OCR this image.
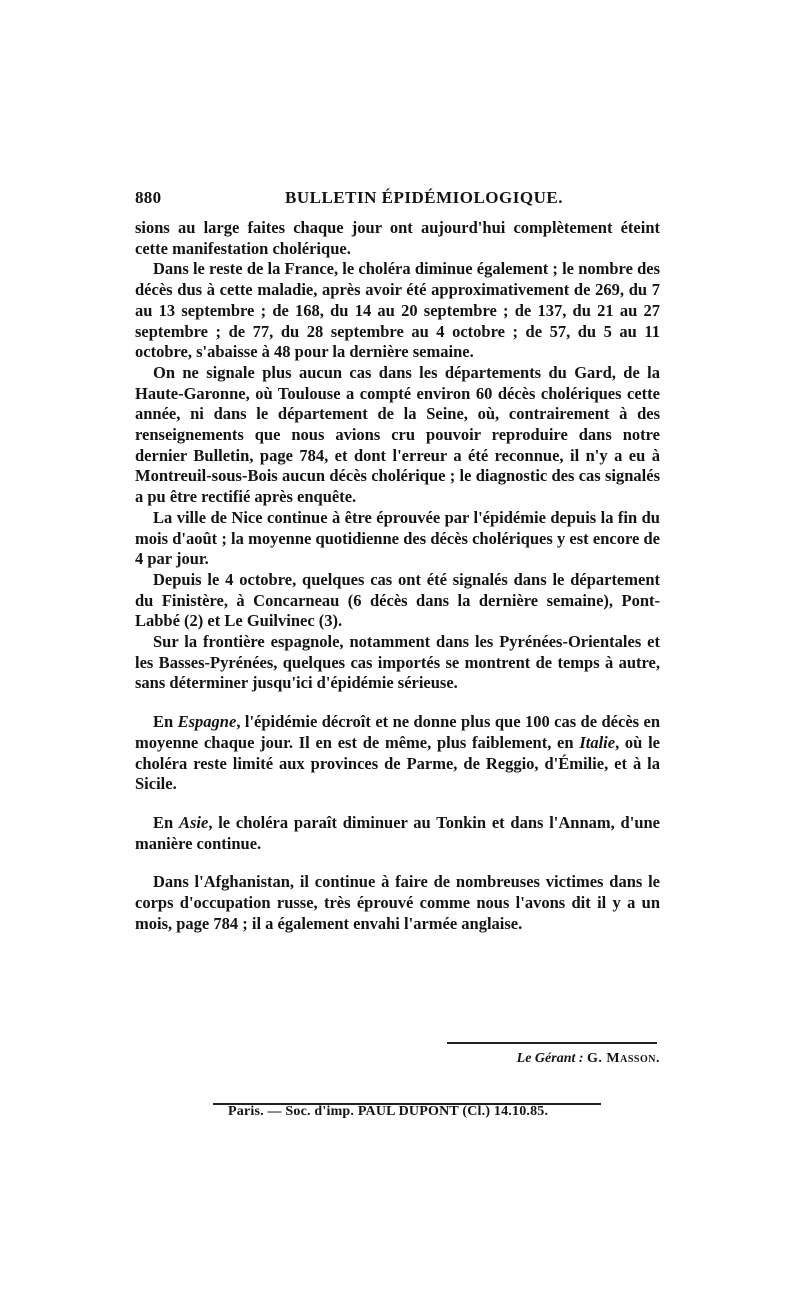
880	BULLETIN ÉPIDÉMIOLOGIQUE.

sions au large faites chaque jour ont aujourd'hui complètement éteint cette manifestation cholérique.

Dans le reste de la France, le choléra diminue également ; le nombre des décès dus à cette maladie, après avoir été approximativement de 269, du 7 au 13 septembre ; de 168, du 14 au 20 septembre ; de 137, du 21 au 27 septembre ; de 77, du 28 septembre au 4 octobre ; de 57, du 5 au 11 octobre, s'abaisse à 48 pour la dernière semaine.

On ne signale plus aucun cas dans les départements du Gard, de la Haute-Garonne, où Toulouse a compté environ 60 décès cholériques cette année, ni dans le département de la Seine, où, contrairement à des renseignements que nous avions cru pouvoir reproduire dans notre dernier Bulletin, page 784, et dont l'erreur a été reconnue, il n'y a eu à Montreuil-sous-Bois aucun décès cholérique ; le diagnostic des cas signalés a pu être rectifié après enquête.

La ville de Nice continue à être éprouvée par l'épidémie depuis la fin du mois d'août ; la moyenne quotidienne des décès cholériques y est encore de 4 par jour.

Depuis le 4 octobre, quelques cas ont été signalés dans le département du Finistère, à Concarneau (6 décès dans la dernière semaine), Pont-Labbé (2) et Le Guilvinec (3).

Sur la frontière espagnole, notamment dans les Pyrénées-Orientales et les Basses-Pyrénées, quelques cas importés se montrent de temps à autre, sans déterminer jusqu'ici d'épidémie sérieuse.

En Espagne, l'épidémie décroît et ne donne plus que 100 cas de décès en moyenne chaque jour. Il en est de même, plus faiblement, en Italie, où le choléra reste limité aux provinces de Parme, de Reggio, d'Émilie, et à la Sicile.

En Asie, le choléra paraît diminuer au Tonkin et dans l'Annam, d'une manière continue.

Dans l'Afghanistan, il continue à faire de nombreuses victimes dans le corps d'occupation russe, très éprouvé comme nous l'avons dit il y a un mois, page 784 ; il a également envahi l'armée anglaise.

Le Gérant : G. Masson.
Paris. — Soc. d'imp. PAUL DUPONT (Cl.) 14.10.85.
